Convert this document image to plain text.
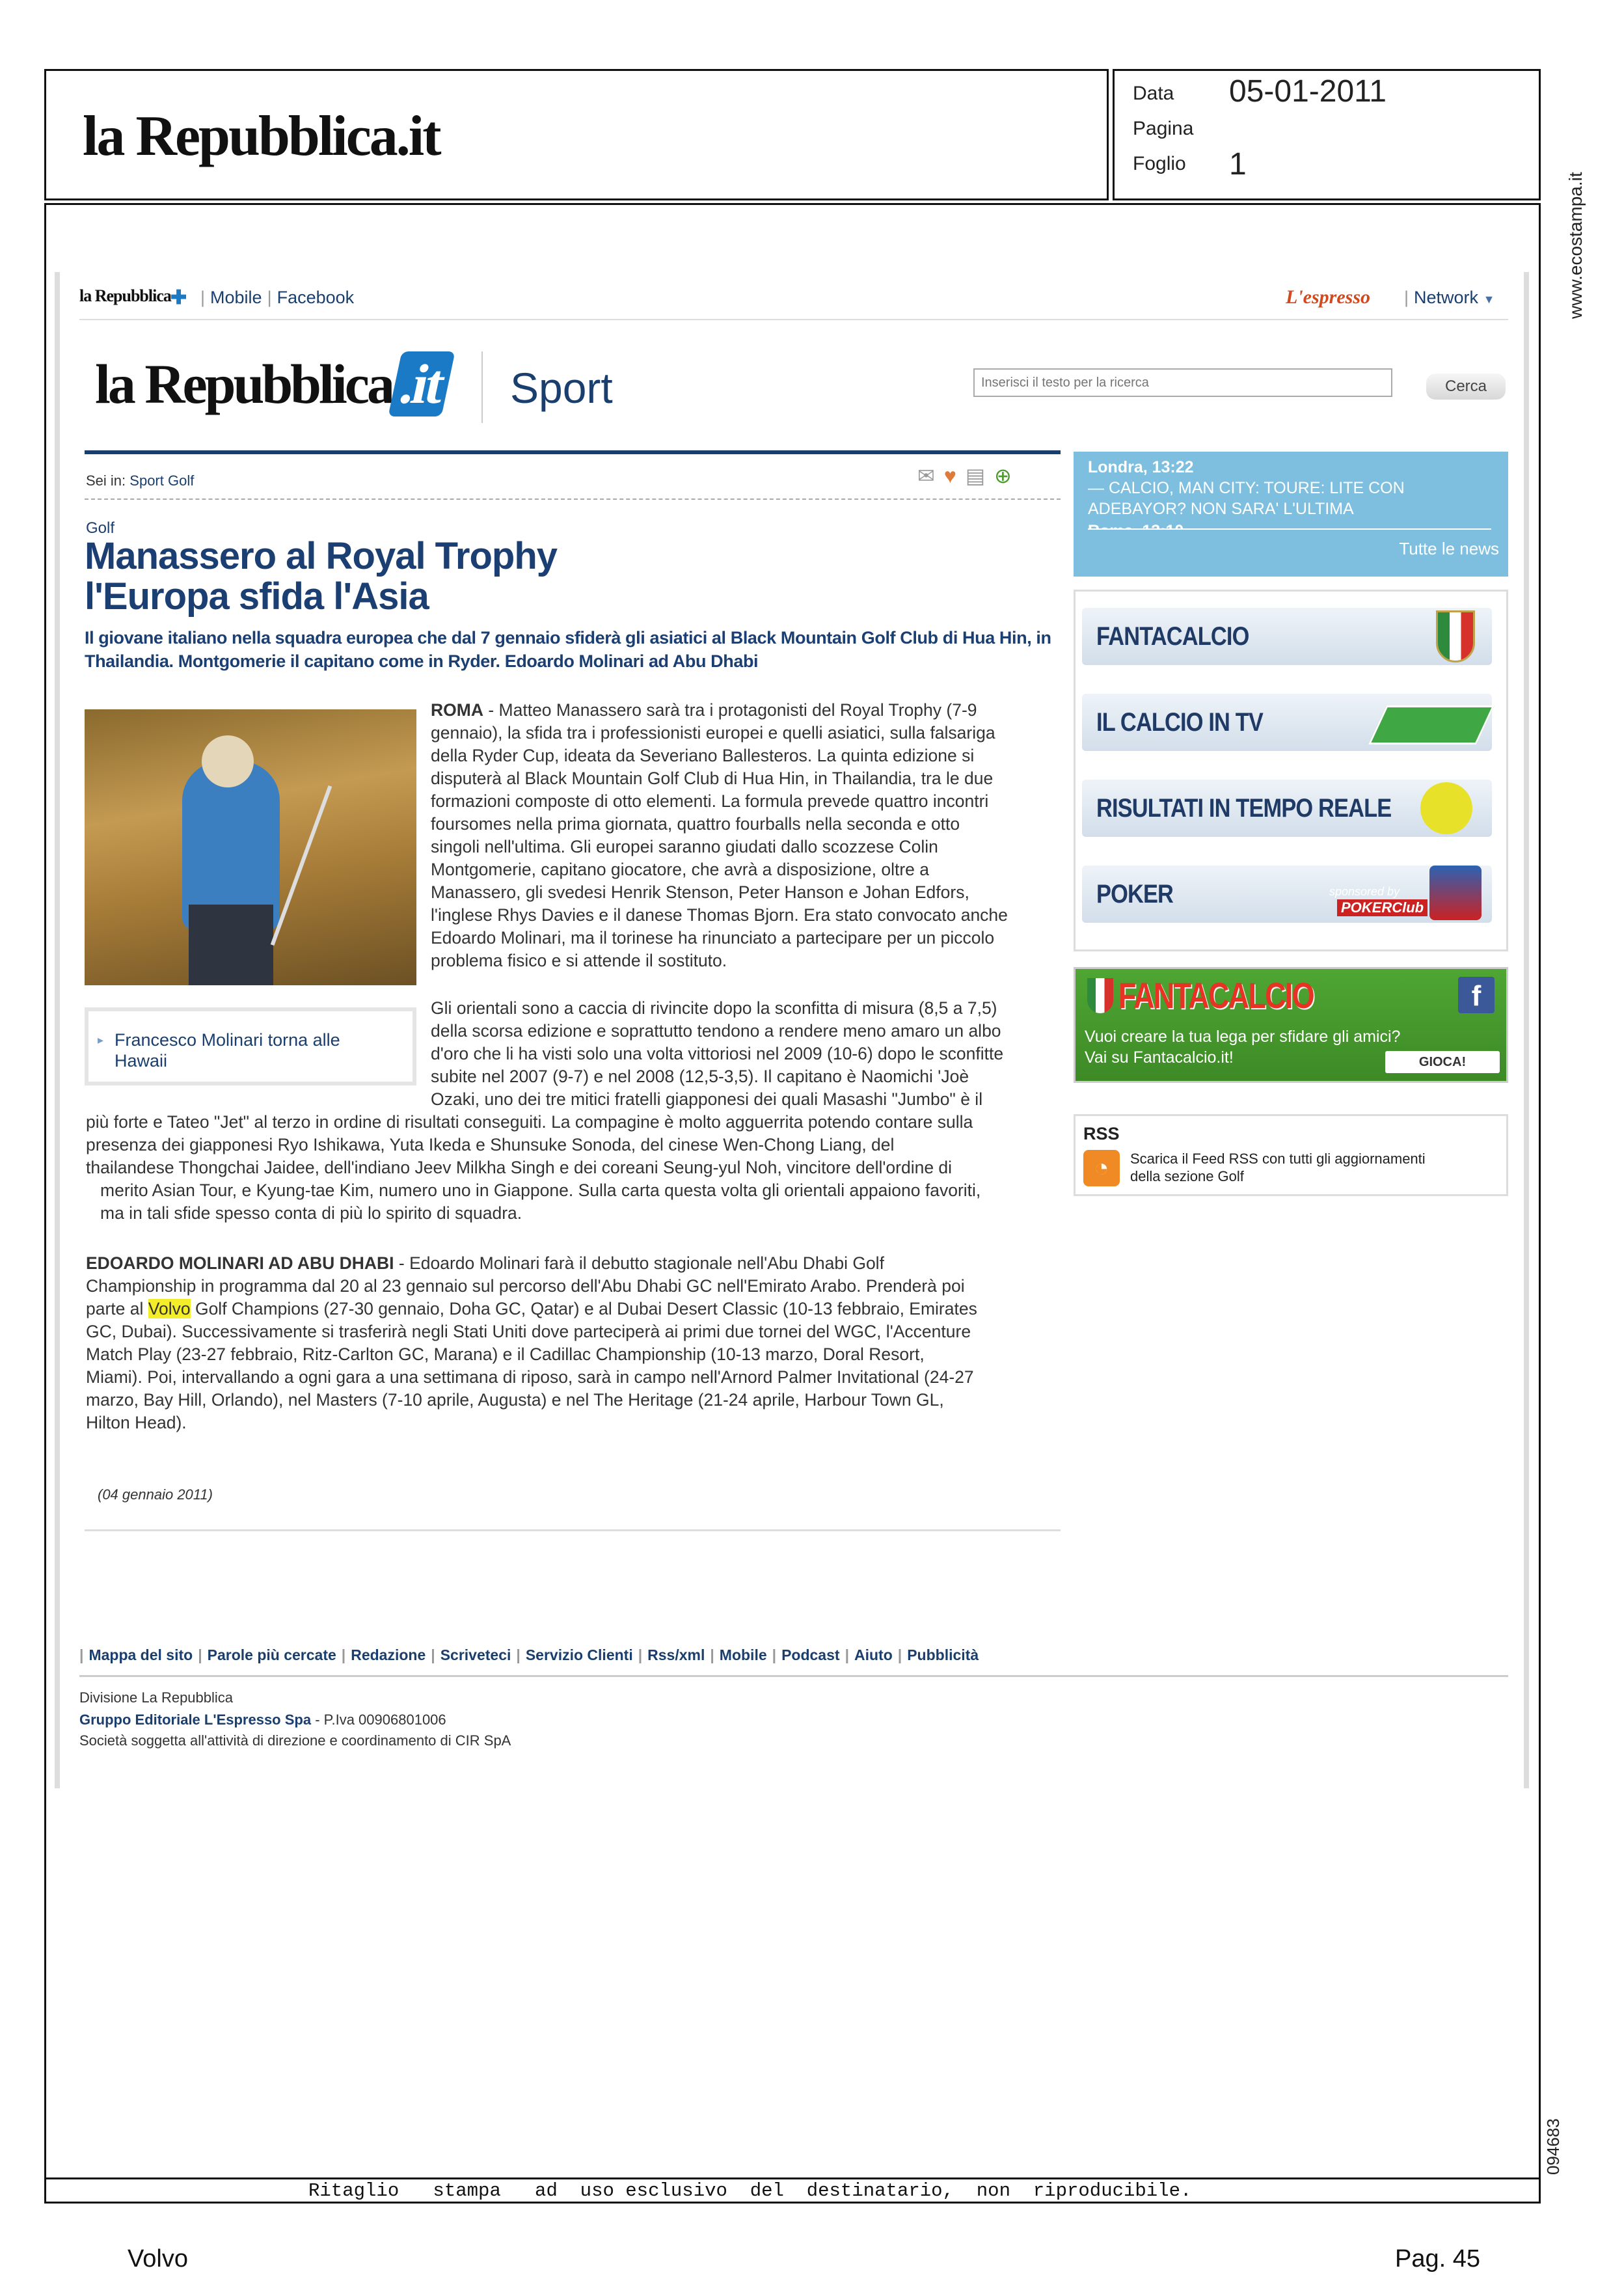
la Repubblica.it
Data 05-01-2011
Pagina
Foglio 1
www.ecostampa.it
094683
la Repubblica ✚ | Mobile | Facebook	L'espresso | Network ▼
la Repubblica.it Sport
Inserisci il testo per la ricerca	Cerca
Sei in: Sport Golf	✉♥▤⊕
Golf
Manassero al Royal Trophy
l'Europa sfida l'Asia
Il giovane italiano nella squadra europea che dal 7 gennaio sfiderà gli asiatici al Black Mountain Golf Club di Hua Hin, in Thailandia. Montgomerie il capitano come in Ryder. Edoardo Molinari ad Abu Dhabi
▸ Francesco Molinari torna alle Hawaii

ROMA - Matteo Manassero sarà tra i protagonisti del Royal Trophy (7-9

gennaio), la sfida tra i professionisti europei e quelli asiatici, sulla falsariga

della Ryder Cup, ideata da Severiano Ballesteros. La quinta edizione si

disputerà al Black Mountain Golf Club di Hua Hin, in Thailandia, tra le due

formazioni composte di otto elementi. La formula prevede quattro incontri

foursomes nella prima giornata, quattro fourballs nella seconda e otto

singoli nell'ultima. Gli europei saranno giudati dallo scozzese Colin

Montgomerie, capitano giocatore, che avrà a disposizione, oltre a

Manassero, gli svedesi Henrik Stenson, Peter Hanson e Johan Edfors,

l'inglese Rhys Davies e il danese Thomas Bjorn. Era stato convocato anche

Edoardo Molinari, ma il torinese ha rinunciato a partecipare per un piccolo

problema fisico e si attende il sostituto.

Gli orientali sono a caccia di rivincite dopo la sconfitta di misura (8,5 a 7,5)

della scorsa edizione e soprattutto tendono a rendere meno amaro un albo

d'oro che li ha visti solo una volta vittoriosi nel 2009 (10-6) dopo le sconfitte

subite nel 2007 (9-7) e nel 2008 (12,5-3,5). Il capitano è Naomichi 'Joè

Ozaki, uno dei tre mitici fratelli giapponesi dei quali Masashi "Jumbo" è il

più forte e Tateo "Jet" al terzo in ordine di risultati conseguiti. La compagine è molto agguerrita potendo contare sulla

presenza dei giapponesi Ryo Ishikawa, Yuta Ikeda e Shunsuke Sonoda, del cinese Wen-Chong Liang, del

thailandese Thongchai Jaidee, dell'indiano Jeev Milkha Singh e dei coreani Seung-yul Noh, vincitore dell'ordine di

merito Asian Tour, e Kyung-tae Kim, numero uno in Giappone. Sulla carta questa volta gli orientali appaiono favoriti,

ma in tali sfide spesso conta di più lo spirito di squadra.

EDOARDO MOLINARI AD ABU DHABI - Edoardo Molinari farà il debutto stagionale nell'Abu Dhabi Golf

Championship in programma dal 20 al 23 gennaio sul percorso dell'Abu Dhabi GC nell'Emirato Arabo. Prenderà poi

parte al Volvo Golf Champions (27-30 gennaio, Doha GC, Qatar) e al Dubai Desert Classic (10-13 febbraio, Emirates

GC, Dubai). Successivamente si trasferirà negli Stati Uniti dove parteciperà ai primi due tornei del WGC, l'Accenture

Match Play (23-27 febbraio, Ritz-Carlton GC, Marana) e il Cadillac Championship (10-13 marzo, Doral Resort,

Miami). Poi, intervallando a ogni gara a una settimana di riposo, sarà in campo nell'Arnord Palmer Invitational (24-27

marzo, Bay Hill, Orlando), nel Masters (7-10 aprile, Augusta) e nel The Heritage (21-24 aprile, Harbour Town GL,

Hilton Head).

(04 gennaio 2011)
Londra, 13:22
— CALCIO, MAN CITY: TOURE: LITE CON
ADEBAYOR? NON SARA' L'ULTIMA
Tutte le news
FANTACALCIO
IL CALCIO IN TV
RISULTATI IN TEMPO REALE
POKER	sponsored by
POKERClub
FANTACALCIO	f
Vuoi creare la tua lega per sfidare gli amici?
Vai su Fantacalcio.it!	GIOCA!
RSS
◔	Scarica il Feed RSS con tutti gli aggiornamenti
della sezione Golf
| Mappa del sito | Parole più cercate | Redazione | Scriveteci | Servizio Clienti | Rss/xml | Mobile | Podcast | Aiuto | Pubblicità
Divisione La Repubblica
Gruppo Editoriale L'Espresso Spa - P.Iva 00906801006
Società soggetta all'attività di direzione e coordinamento di CIR SpA
Ritaglio   stampa   ad  uso esclusivo  del  destinatario,  non  riproducibile.
Volvo	Pag. 45
